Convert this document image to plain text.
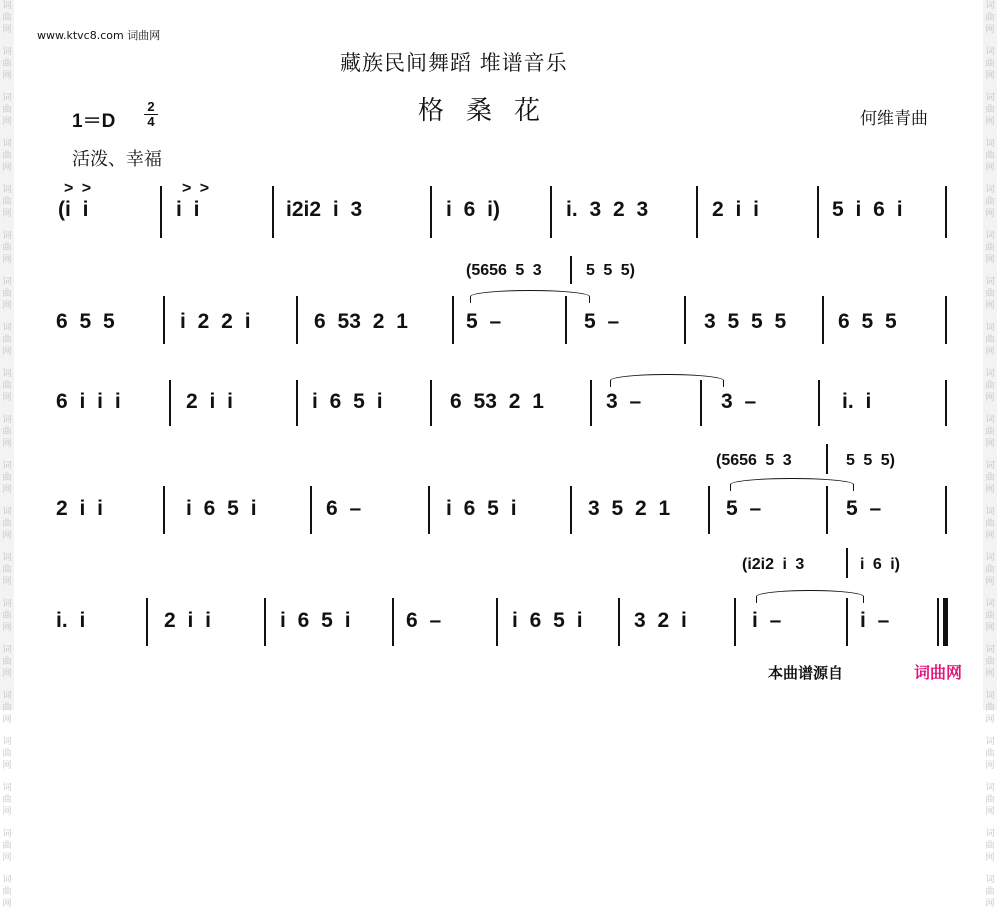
词
曲
网
词
曲
网
词
曲
网
词
曲
网
词
曲
网
词
曲
网
词
曲
网
词
曲
网
词
曲
网
词
曲
网
词
曲
网
词
曲
网
词
曲
网
词
曲
网
词
曲
网
词
曲
网
词
曲
网
词
曲
网
词
曲
网
词
曲
网
词
曲
网
词
曲
网
词
曲
网
词
曲
网
词
曲
网
词
曲
网
词
曲
网
词
曲
网
词
曲
网
词
曲
网
词
曲
网
词
曲
网
词
曲
网
词
曲
网
词
曲
网
词
曲
网
词
曲
网
词
曲
网
词
曲
网
词
曲
网
www.ktvc8.com 词曲网
藏族民间舞蹈 堆谱音乐
格桑花
1＝D
2
4
活泼、幸福
何维青曲
(i i
> >
i i
> >
i2i2 i 3	i 6 i)	i. 3 2 3	2 i i	5 i 6 i
6 5 5	i 2 2 i	6 53 2 1	5 –	5 –	3 5 5 5 6 5 5
6 i i i	2 i i	i 6 5 i	6 53 2 1	3 –	3 –	i. i
2 i i	i 6 5 i	6 –	i 6 5 i	3 5 2 1	5 –	5 –
i. i	2 i i	i 6 5 i	6 –	i 6 5 i 3 2 i	i –	i –
(5656 5 3	5 5 5)
(5656 5 3	5 5 5)
(i2i2 i 3	i 6 i)
本曲谱源自	词曲网
